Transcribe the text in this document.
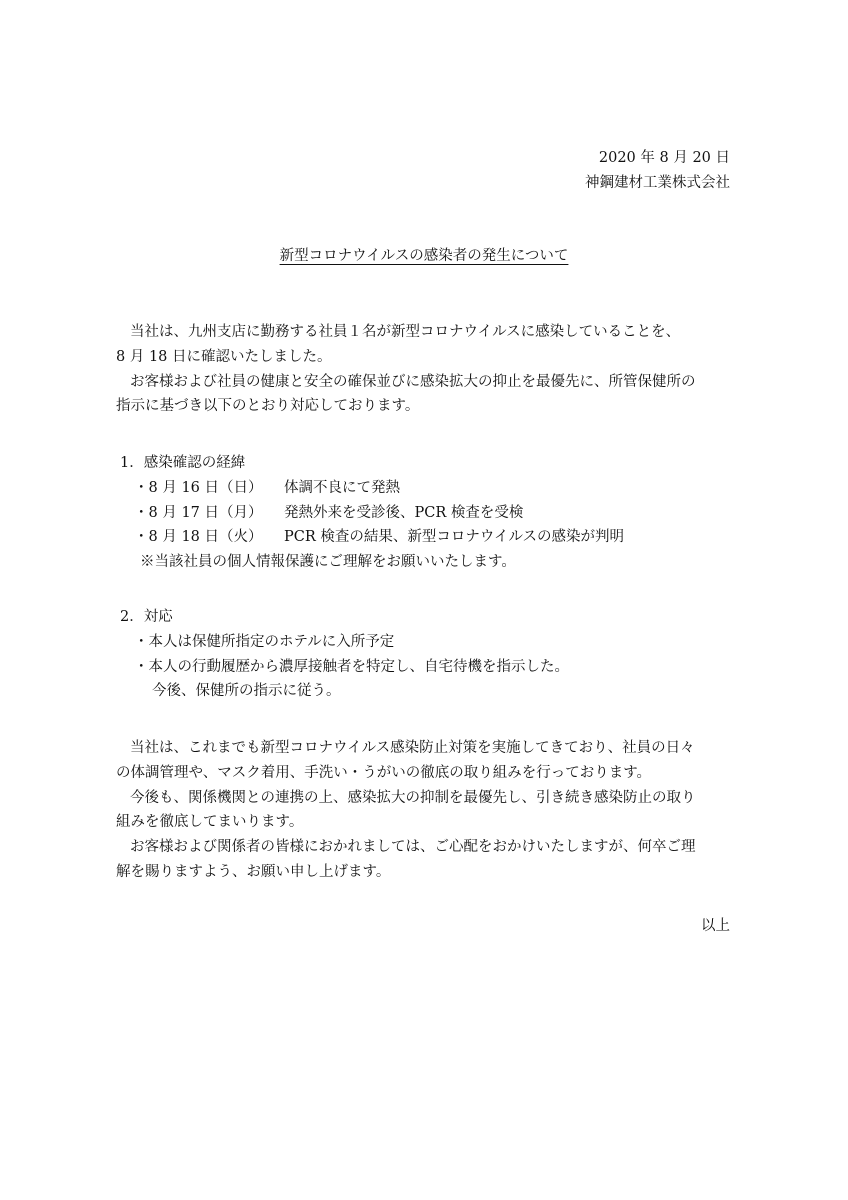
2020 年 8 月 20 日
神鋼建材工業株式会社
新型コロナウイルスの感染者の発生について
当社は、九州支店に勤務する社員１名が新型コロナウイルスに感染していることを、
8 月 18 日に確認いたしました。
お客様および社員の健康と安全の確保並びに感染拡大の抑止を最優先に、所管保健所の
指示に基づき以下のとおり対応しております。
1．感染確認の経緯
・8 月 16 日（日） 体調不良にて発熱
・8 月 17 日（月） 発熱外来を受診後、PCR 検査を受検
・8 月 18 日（火） PCR 検査の結果、新型コロナウイルスの感染が判明
※当該社員の個人情報保護にご理解をお願いいたします。
2．対応
・本人は保健所指定のホテルに入所予定
・本人の行動履歴から濃厚接触者を特定し、自宅待機を指示した。
今後、保健所の指示に従う。
当社は、これまでも新型コロナウイルス感染防止対策を実施してきており、社員の日々
の体調管理や、マスク着用、手洗い・うがいの徹底の取り組みを行っております。
今後も、関係機関との連携の上、感染拡大の抑制を最優先し、引き続き感染防止の取り
組みを徹底してまいります。
お客様および関係者の皆様におかれましては、ご心配をおかけいたしますが、何卒ご理
解を賜りますよう、お願い申し上げます。
以上
